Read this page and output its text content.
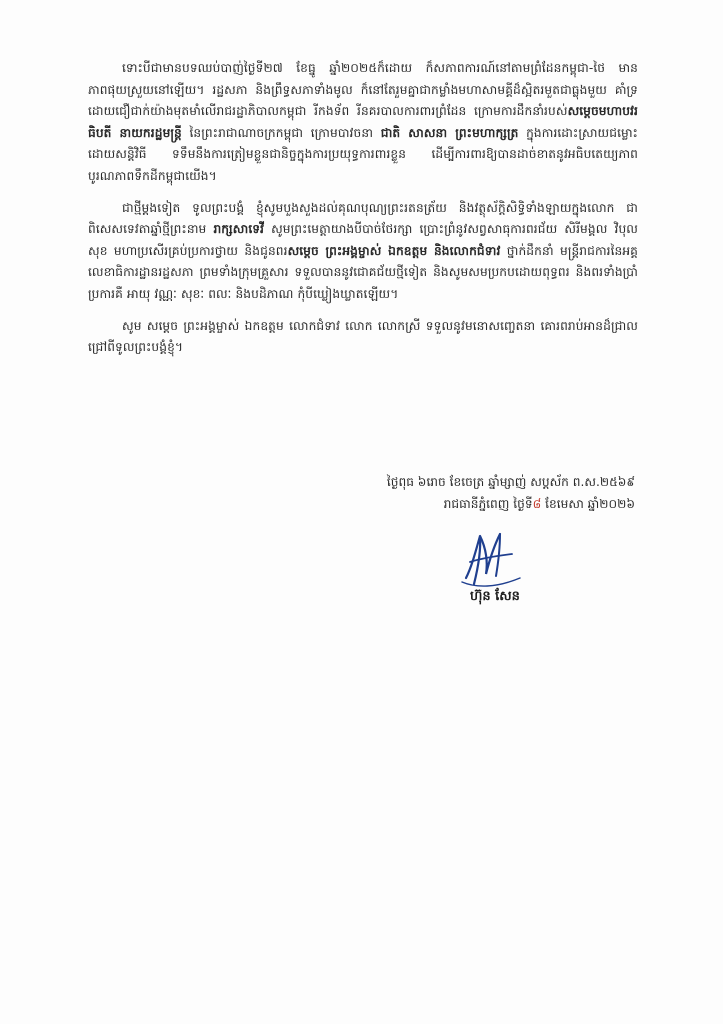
ទោះបីជាមានបទឈប់បាញ់ថ្ងៃទី២៧ ខែធ្នូ ឆ្នាំ២០២៥ក៏ដោយ ក៏សភាពការណ៍នៅតាមព្រំដែនកម្ពុជា-ថៃ មានភាពផុយស្រួយនៅឡើយ។ រដ្ឋសភា និងព្រឹទ្ធសភាទាំងមូល ក៏នៅតែរួមគ្នាជាកម្លាំងមហាសាមគ្គីដ៏ស្អិតរមួតជាធ្លុងមួយ គាំទ្រដោយជឿជាក់យ៉ាងមុតមាំលើរាជរដ្ឋាភិបាលកម្ពុជា រីកងទ័ព រីនគរបាលការពារព្រំដែន ក្រោមការដឹកនាំរបស់សម្តេចមហាបវរធិបតី នាយករដ្ឋមន្ត្រី នៃព្រះរាជាណាចក្រកម្ពុជា ក្រោមបាវចនា ជាតិ សាសនា ព្រះមហាក្សត្រ ក្នុងការដោះស្រាយជម្លោះដោយសន្តិវិធី ទទឹមនឹងការត្រៀមខ្លួនជានិច្ចក្នុងការប្រយុទ្ធការពារខ្លួន ដើម្បីការពារឱ្យបានដាច់ខាតនូវអធិបតេយ្យភាព បូរណភាពទឹកដីកម្ពុជាយើង។

ជាថ្មីម្តងទៀត ទូលព្រះបង្គំ ខ្ញុំសូមបួងសួងដល់គុណបុណ្យព្រះរតនត្រ័យ និងវត្ថុស័ក្តិសិទ្ធិទាំងឡាយក្នុងលោក ជាពិសេសទេវតាឆ្នាំថ្មីព្រះនាម រាក្សសាទេវី សូមព្រះមេត្តាយាងបីបាច់ថែរក្សា ប្រោះព្រំនូវសព្វសាធុការពរជ័យ សិរីមង្គល វិបុលសុខ មហាប្រសើរគ្រប់ប្រការថ្វាយ និងជូនពរសម្តេច ព្រះអង្គម្ចាស់ ឯកឧត្តម និងលោកជំទាវ ថ្នាក់ដឹកនាំ មន្ត្រីរាជការនៃអគ្គលេខាធិការដ្ឋានរដ្ឋសភា ព្រមទាំងក្រុមគ្រួសារ ទទួលបាននូវជោគជ័យថ្មីទៀត និងសូមសមប្រកបដោយពុទ្ធពរ និងពរទាំងប្រាំប្រការគឺ អាយុ វណ្ណៈ សុខៈ ពលៈ និងបដិភាណ កុំបីឃ្លៀងឃ្លាតឡើយ។

សូម សម្តេច ព្រះអង្គម្ចាស់ ឯកឧត្តម លោកជំទាវ លោក លោកស្រី ទទួលនូវមនោសញ្ចេតនា គោរពរាប់អានដ៏ជ្រាលជ្រៅពីទូលព្រះបង្គំខ្ញុំ។

ថ្ងៃពុធ ៦រោច ខែចេត្រ ឆ្នាំម្សាញ់ សប្តស័ក ព.ស.២៥៦៩
រាជធានីភ្នំពេញ ថ្ងៃទី៨ ខែមេសា ឆ្នាំ២០២៦
ហ៊ុន សែន
